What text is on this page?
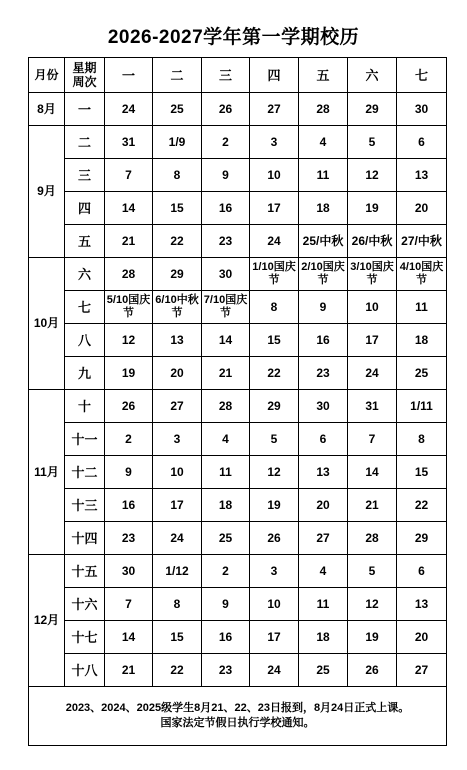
2026-2027学年第一学期校历
月份	星期
周次	一	二	三	四	五	六	七
8月	一	24	25	26	27	28	29	30
9月	二	31	1/9	2	3	4	5	6
	三	7	8	9	10	11	12	13
	四	14	15	16	17	18	19	20
	五	21	22	23	24	25/中秋	26/中秋	27/中秋
10月	六	28	29	30	1/10国庆节	2/10国庆节	3/10国庆节	4/10国庆节
	七	5/10国庆节	6/10中秋节	7/10国庆节	8	9	10	11
	八	12	13	14	15	16	17	18
	九	19	20	21	22	23	24	25
11月	十	26	27	28	29	30	31	1/11
	十一	2	3	4	5	6	7	8
	十二	9	10	11	12	13	14	15
	十三	16	17	18	19	20	21	22
	十四	23	24	25	26	27	28	29
12月	十五	30	1/12	2	3	4	5	6
	十六	7	8	9	10	11	12	13
	十七	14	15	16	17	18	19	20
	十八	21	22	23	24	25	26	27

2023、2024、2025级学生8月21、22、23日报到，8月24日正式上课。
国家法定节假日执行学校通知。								
